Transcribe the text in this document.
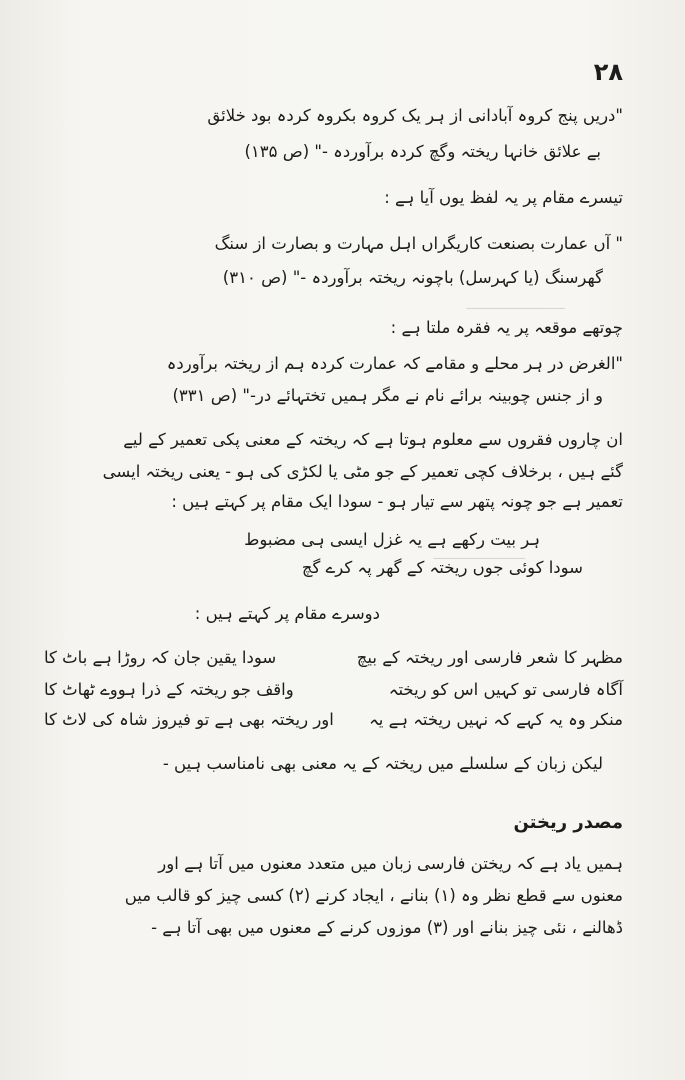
۲۸
ــــــــــــــــــــــــــــ
ــــــــــــــــــــــــــ
"دریں پنج کروہ آبادانی از ہر یک کروہ بکروہ کردہ بود خلائق
بے علائق خانہا ریختہ وگچ کردہ برآوردہ -" (ص ۱۳۵)
تیسرے مقام پر یہ لفظ یوں آیا ہے :
" آں عمارت بصنعت کاریگراں اہل مہارت و بصارت از سنگ
گھرسنگ (یا کہرسل) باچونہ ریختہ برآوردہ -" (ص ۳۱۰)
چوتھے موقعہ پر یہ فقرہ ملتا ہے :
"الغرض در ہر محلے و مقامے کہ عمارت کردہ ہم از ریختہ برآوردہ
و از جنس چوبینہ برائے نام نے مگر ہمیں تختہائے در-" (ص ۳۳۱)
ان چاروں فقروں سے معلوم ہوتا ہے کہ ریختہ کے معنی پکی تعمیر کے لیے
گئے ہیں ، برخلاف کچی تعمیر کے جو مٹی یا لکڑی کی ہو - یعنی ریختہ ایسی
تعمیر ہے جو چونہ پتھر سے تیار ہو - سودا ایک مقام پر کہتے ہیں :
ہر بیت رکھے ہے یہ غزل ایسی ہی مضبوط
سودا کوئی جوں ریختہ کے گھر پہ کرے گچ
دوسرے مقام پر کہتے ہیں :
مظہر کا شعر فارسی اور ریختہ کے بیچ
سودا یقین جان کہ روڑا ہے باٹ کا
آگاہ فارسی تو کہیں اس کو ریختہ
واقف جو ریختہ کے ذرا ہووے ٹھاٹ کا
منکر وہ یہ کہے کہ نہیں ریختہ ہے یہ
اور ریختہ بھی ہے تو فیروز شاہ کی لاٹ کا
لیکن زبان کے سلسلے میں ریختہ کے یہ معنی بھی نامناسب ہیں -
مصدر ریختن
ہمیں یاد ہے کہ ریختن فارسی زبان میں متعدد معنوں میں آتا ہے اور
معنوں سے قطع نظر وہ (۱) بنانے ، ایجاد کرنے (۲) کسی چیز کو قالب میں
ڈھالنے ، نئی چیز بنانے اور (۳) موزوں کرنے کے معنوں میں بھی آتا ہے -
